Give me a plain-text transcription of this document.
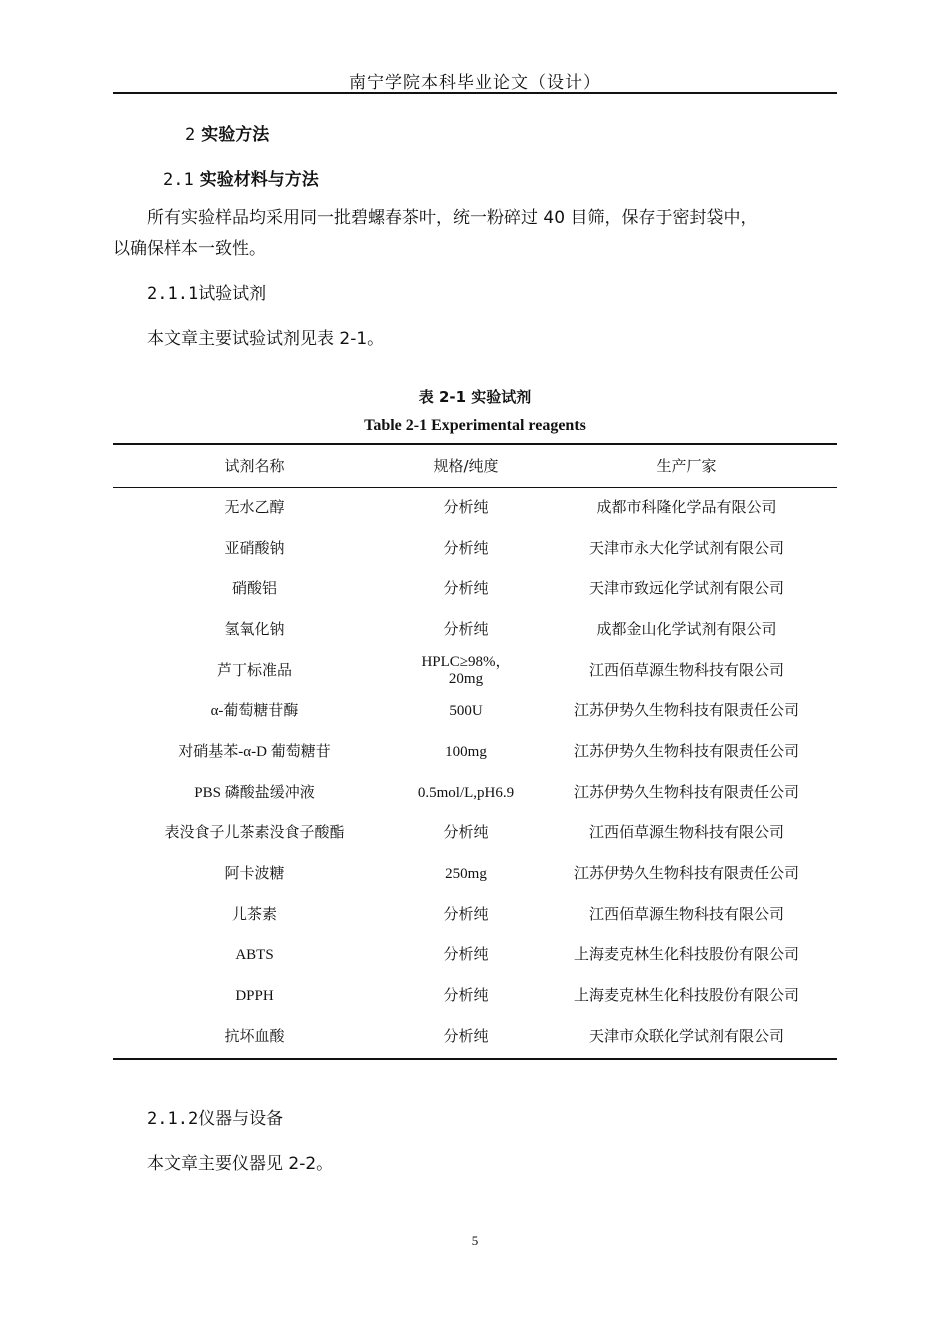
南宁学院本科毕业论文（设计）
2 实验方法
2.1 实验材料与方法
所有实验样品均采用同一批碧螺春茶叶，统一粉碎过 40 目筛，保存于密封袋中，
以确保样本一致性。
2.1.1试验试剂
本文章主要试验试剂见表 2-1。
表 2-1 实验试剂
Table 2-1 Experimental reagents
试剂名称	规格/纯度	生产厂家
无水乙醇	分析纯	成都市科隆化学品有限公司
亚硝酸钠	分析纯	天津市永大化学试剂有限公司
硝酸铝	分析纯	天津市致远化学试剂有限公司
氢氧化钠	分析纯	成都金山化学试剂有限公司
芦丁标准品	HPLC≥98%，20mg	江西佰草源生物科技有限公司
α-葡萄糖苷酶	500U	江苏伊势久生物科技有限责任公司
对硝基苯-α-D 葡萄糖苷	100mg	江苏伊势久生物科技有限责任公司
PBS 磷酸盐缓冲液	0.5mol/L,pH6.9	江苏伊势久生物科技有限责任公司
表没食子儿茶素没食子酸酯	分析纯	江西佰草源生物科技有限公司
阿卡波糖	250mg	江苏伊势久生物科技有限责任公司
儿茶素	分析纯	江西佰草源生物科技有限公司
ABTS	分析纯	上海麦克林生化科技股份有限公司
DPPH	分析纯	上海麦克林生化科技股份有限公司
抗坏血酸	分析纯	天津市众联化学试剂有限公司
2.1.2仪器与设备
本文章主要仪器见 2-2。
5
